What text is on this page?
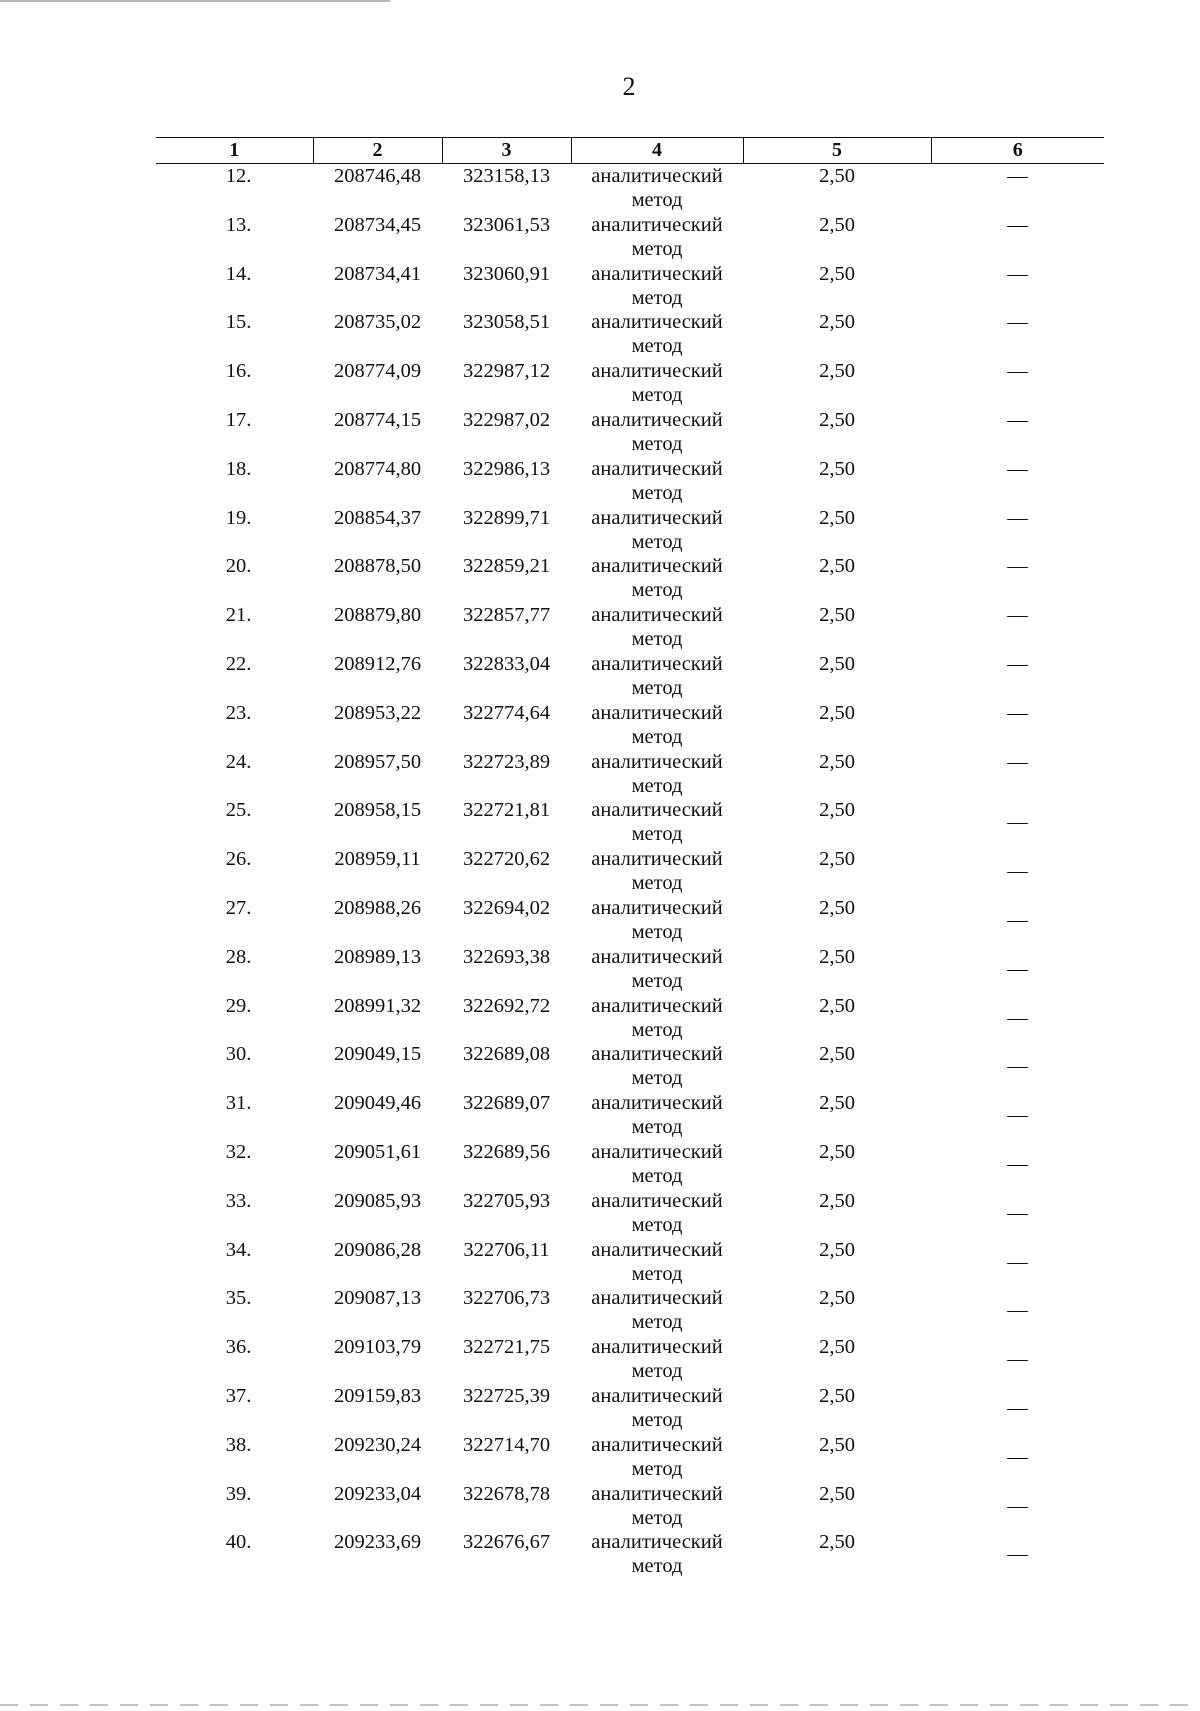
2
1	2	3	4	5	6
12.	208746,48	323158,13	аналитический
метод	2,50	—

13.	208734,45	323061,53	аналитический
метод	2,50	—

14.	208734,41	323060,91	аналитический
метод	2,50	—

15.	208735,02	323058,51	аналитический
метод	2,50	—

16.	208774,09	322987,12	аналитический
метод	2,50	—

17.	208774,15	322987,02	аналитический
метод	2,50	—

18.	208774,80	322986,13	аналитический
метод	2,50	—

19.	208854,37	322899,71	аналитический
метод	2,50	—

20.	208878,50	322859,21	аналитический
метод	2,50	—

21.	208879,80	322857,77	аналитический
метод	2,50	—

22.	208912,76	322833,04	аналитический
метод	2,50	—

23.	208953,22	322774,64	аналитический
метод	2,50	—

24.	208957,50	322723,89	аналитический
метод	2,50	—

25.	208958,15	322721,81	аналитический
метод	2,50	—

26.	208959,11	322720,62	аналитический
метод	2,50	—

27.	208988,26	322694,02	аналитический
метод	2,50	—

28.	208989,13	322693,38	аналитический
метод	2,50	—

29.	208991,32	322692,72	аналитический
метод	2,50	—

30.	209049,15	322689,08	аналитический
метод	2,50	—

31.	209049,46	322689,07	аналитический
метод	2,50	—

32.	209051,61	322689,56	аналитический
метод	2,50	—

33.	209085,93	322705,93	аналитический
метод	2,50	—

34.	209086,28	322706,11	аналитический
метод	2,50	—

35.	209087,13	322706,73	аналитический
метод	2,50	—

36.	209103,79	322721,75	аналитический
метод	2,50	—

37.	209159,83	322725,39	аналитический
метод	2,50	—

38.	209230,24	322714,70	аналитический
метод	2,50	—

39.	209233,04	322678,78	аналитический
метод	2,50	—

40.	209233,69	322676,67	аналитический
метод	2,50	—
